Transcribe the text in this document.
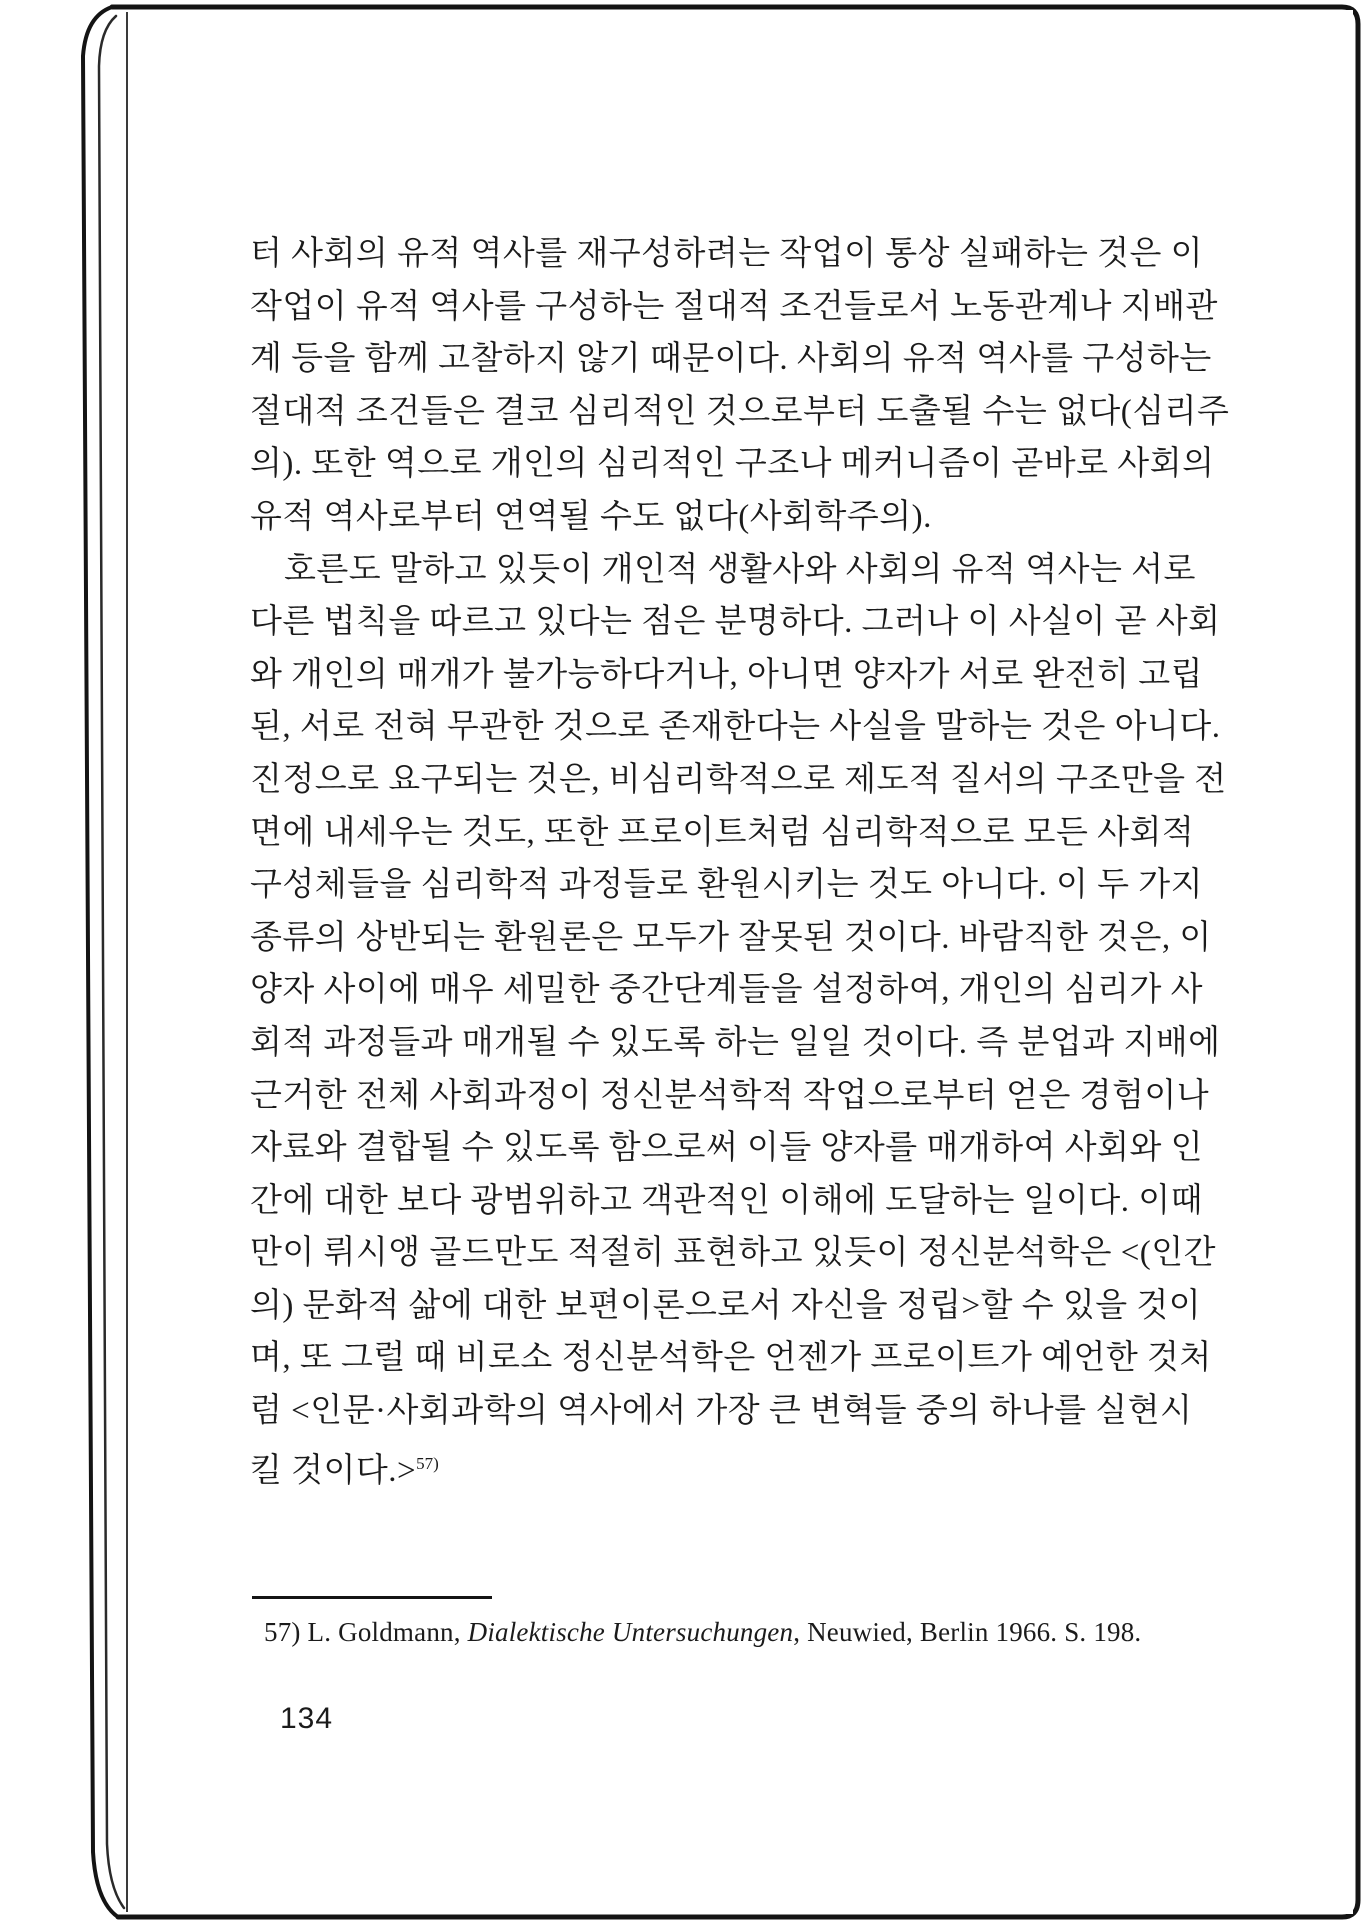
터 사회의 유적 역사를 재구성하려는 작업이 통상 실패하는 것은 이
작업이 유적 역사를 구성하는 절대적 조건들로서 노동관계나 지배관
계 등을 함께 고찰하지 않기 때문이다. 사회의 유적 역사를 구성하는
절대적 조건들은 결코 심리적인 것으로부터 도출될 수는 없다(심리주
의). 또한 역으로 개인의 심리적인 구조나 메커니즘이 곧바로 사회의
유적 역사로부터 연역될 수도 없다(사회학주의).
호른도 말하고 있듯이 개인적 생활사와 사회의 유적 역사는 서로
다른 법칙을 따르고 있다는 점은 분명하다. 그러나 이 사실이 곧 사회
와 개인의 매개가 불가능하다거나, 아니면 양자가 서로 완전히 고립
된, 서로 전혀 무관한 것으로 존재한다는 사실을 말하는 것은 아니다.
진정으로 요구되는 것은, 비심리학적으로 제도적 질서의 구조만을 전
면에 내세우는 것도, 또한 프로이트처럼 심리학적으로 모든 사회적
구성체들을 심리학적 과정들로 환원시키는 것도 아니다. 이 두 가지
종류의 상반되는 환원론은 모두가 잘못된 것이다. 바람직한 것은, 이
양자 사이에 매우 세밀한 중간단계들을 설정하여, 개인의 심리가 사
회적 과정들과 매개될 수 있도록 하는 일일 것이다. 즉 분업과 지배에
근거한 전체 사회과정이 정신분석학적 작업으로부터 얻은 경험이나
자료와 결합될 수 있도록 함으로써 이들 양자를 매개하여 사회와 인
간에 대한 보다 광범위하고 객관적인 이해에 도달하는 일이다. 이때
만이 뤼시앵 골드만도 적절히 표현하고 있듯이 정신분석학은 <(인간
의) 문화적 삶에 대한 보편이론으로서 자신을 정립>할 수 있을 것이
며, 또 그럴 때 비로소 정신분석학은 언젠가 프로이트가 예언한 것처
럼 <인문·사회과학의 역사에서 가장 큰 변혁들 중의 하나를 실현시
킬 것이다.>$^{57)}$
57) L. Goldmann, Dialektische Untersuchungen, Neuwied, Berlin 1966. S. 198.
134
